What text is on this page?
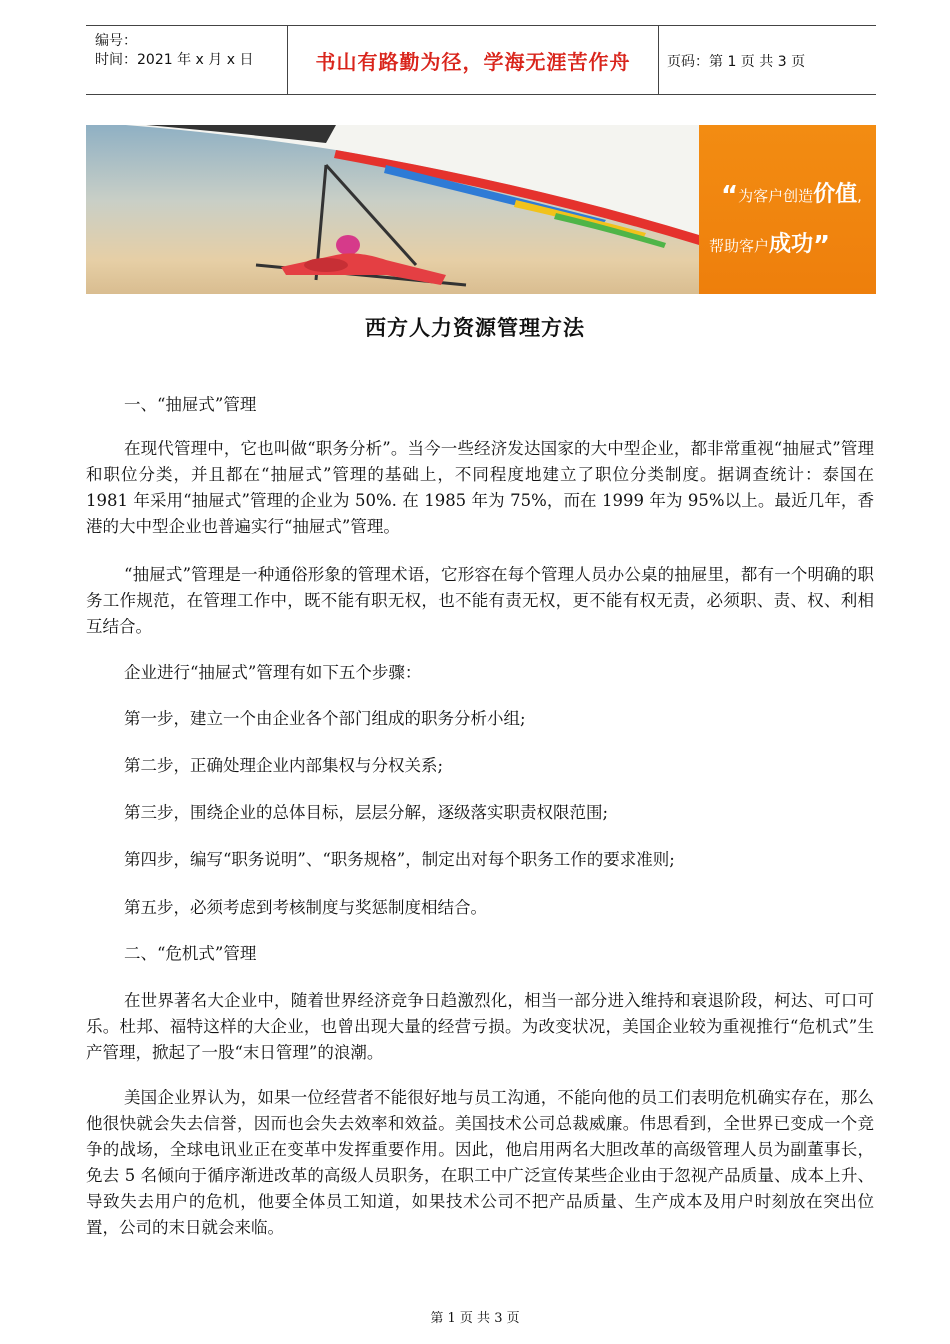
编号：
时间：2021 年 x 月 x 日	书山有路勤为径，学海无涯苦作舟	页码：第 1 页 共 3 页
“为客户创造价值,
帮助客户成功”
西方人力资源管理方法

一、“抽屉式”管理

在现代管理中，它也叫做“职务分析”。当今一些经济发达国家的大中型企业，都非常重视“抽屉式”管理和职位分类，并且都在“抽屉式”管理的基础上，不同程度地建立了职位分类制度。据调查统计：泰国在 1981 年采用“抽屉式”管理的企业为 50%. 在 1985 年为 75%，而在 1999 年为 95%以上。最近几年，香港的大中型企业也普遍实行“抽屉式”管理。

“抽屉式”管理是一种通俗形象的管理术语，它形容在每个管理人员办公桌的抽屉里，都有一个明确的职务工作规范，在管理工作中，既不能有职无权，也不能有责无权，更不能有权无责，必须职、责、权、利相互结合。

企业进行“抽屉式”管理有如下五个步骤：

第一步，建立一个由企业各个部门组成的职务分析小组;

第二步，正确处理企业内部集权与分权关系;

第三步，围绕企业的总体目标，层层分解，逐级落实职责权限范围;

第四步，编写“职务说明”、“职务规格”，制定出对每个职务工作的要求准则;

第五步，必须考虑到考核制度与奖惩制度相结合。

二、“危机式”管理

在世界著名大企业中，随着世界经济竞争日趋激烈化，相当一部分进入维持和衰退阶段，柯达、可口可乐。杜邦、福特这样的大企业，也曾出现大量的经营亏损。为改变状况，美国企业较为重视推行“危机式”生产管理，掀起了一股“末日管理”的浪潮。

美国企业界认为，如果一位经营者不能很好地与员工沟通，不能向他的员工们表明危机确实存在，那么他很快就会失去信誉，因而也会失去效率和效益。美国技术公司总裁威廉。伟思看到，全世界已变成一个竞争的战场，全球电讯业正在变革中发挥重要作用。因此，他启用两名大胆改革的高级管理人员为副董事长，免去 5 名倾向于循序渐进改革的高级人员职务，在职工中广泛宣传某些企业由于忽视产品质量、成本上升、导致失去用户的危机，他要全体员工知道，如果技术公司不把产品质量、生产成本及用户时刻放在突出位置，公司的末日就会来临。

第 1 页 共 3 页
